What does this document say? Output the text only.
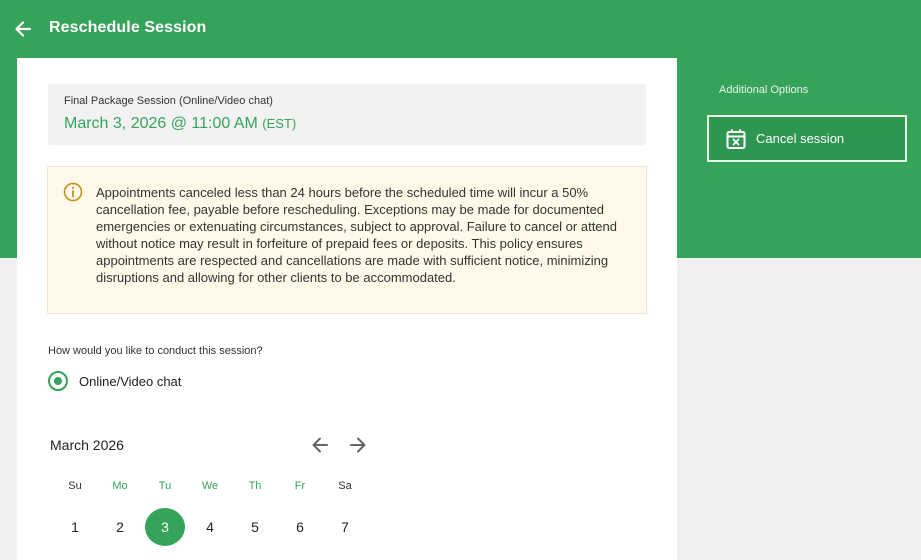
Reschedule Session
Final Package Session (Online/Video chat)
March 3, 2026 @ 11:00 AM (EST)
Appointments canceled less than 24 hours before the scheduled time will incur a 50% cancellation fee, payable before rescheduling. Exceptions may be made for documented emergencies or extenuating circumstances, subject to approval. Failure to cancel or attend without notice may result in forfeiture of prepaid fees or deposits. This policy ensures appointments are respected and cancellations are made with sufficient notice, minimizing disruptions and allowing for other clients to be accommodated.
How would you like to conduct this session?
Online/Video chat
March 2026
Su	Mo	Tu	We	Th	Fr	Sa
1	2	3	4	5	6	7
Additional Options
Cancel session
